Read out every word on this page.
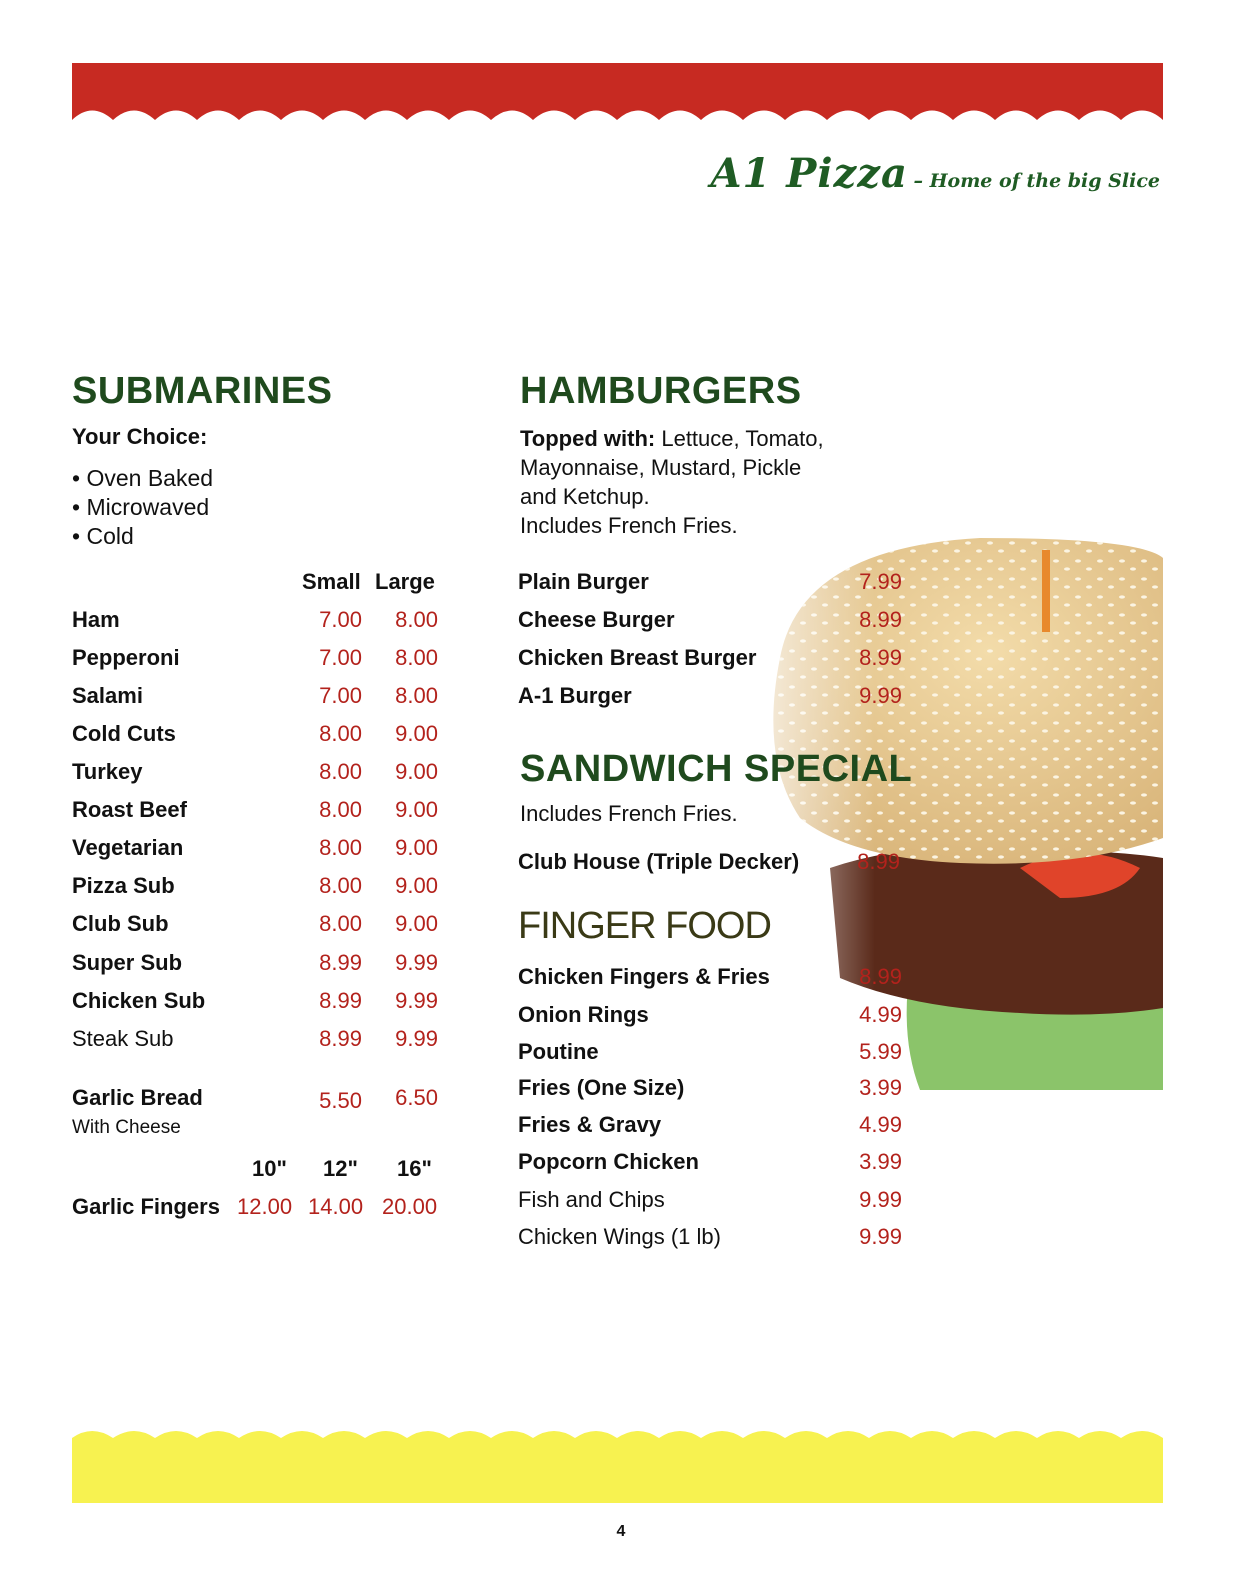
A1 Pizza – Home of the big Slice
SUBMARINES
Your Choice:
• Oven Baked
• Microwaved
• Cold
Small Large
Ham	7.00 8.00
Pepperoni	7.00 8.00
Salami	7.00 8.00
Cold Cuts	8.00 9.00
Turkey	8.00 9.00
Roast Beef	8.00 9.00
Vegetarian	8.00 9.00
Pizza Sub	8.00 9.00
Club Sub	8.00 9.00
Super Sub	8.99 9.99
Chicken Sub	8.99 9.99
Steak Sub	8.99 9.99
Garlic Bread	5.50 6.50
With Cheese
10" 12" 16"
Garlic Fingers 12.00 14.00 20.00
HAMBURGERS
Topped with: Lettuce, Tomato,
Mayonnaise, Mustard, Pickle
and Ketchup.
Includes French Fries.
Plain Burger	7.99
Cheese Burger	8.99
Chicken Breast Burger	8.99
A-1 Burger	9.99
SANDWICH SPECIAL
Includes French Fries.
Club House (Triple Decker)	8.99
FINGER FOOD
Chicken Fingers & Fries	8.99
Onion Rings	4.99
Poutine	5.99
Fries (One Size)	3.99
Fries & Gravy	4.99
Popcorn Chicken	3.99
Fish and Chips	9.99
Chicken Wings (1 lb)	9.99
4
